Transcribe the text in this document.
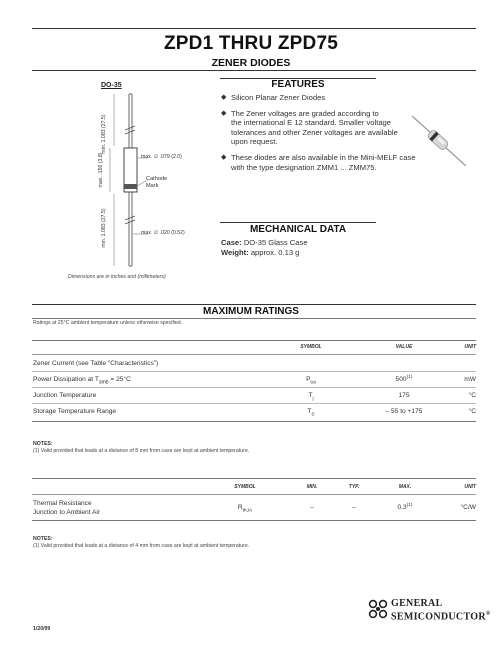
ZPD1 THRU ZPD75
ZENER DIODES
DO-35
min. 1.083 (27.5)
max. .150 (3.8)
min. 1.083 (27.5)
max. ∅ .079 (2.0)
Cathode
Mark
max. ∅ .020 (0.52)
Dimensions are in inches and (millimeters)
FEATURES
◆ Silicon Planar Zener Diodes
◆ The Zener voltages are graded according to
the international E 12 standard. Smaller voltage
tolerances and other Zener voltages are available
upon request.
◆ These diodes are also available in the Mini-MELF case
with the type designation ZMM1 ... ZMM75.
MECHANICAL DATA
Case: DO-35 Glass Case
Weight: approx. 0.13 g
MAXIMUM RATINGS
Ratings at 25°C ambient temperature unless otherwise specified.
SYMBOL	VALUE	UNIT
Zener Current (see Table “Characteristics”)
Power Dissipation at $T_{amb} = 25^\circ C$	$P_{tot}$	500$^{(1)}$	mW
Junction Temperature	$T_j$	175	°C
Storage Temperature Range	$T_S$	– 55 to +175	°C
NOTES:
(1) Valid provided that leads at a distance of 8 mm from case are kept at ambient temperature.
SYMBOL	MIN.	TYP.	MAX.	UNIT
Thermal Resistance
Junction to Ambient Air
$R_{thJA}$	–	–	0.3$^{(1)}$	°C/W
NOTES:
(1) Valid provided that leads at a distance of 4 mm from case are kept at ambient temperature.
1/20/99
GENERAL
SEMICONDUCTOR®
